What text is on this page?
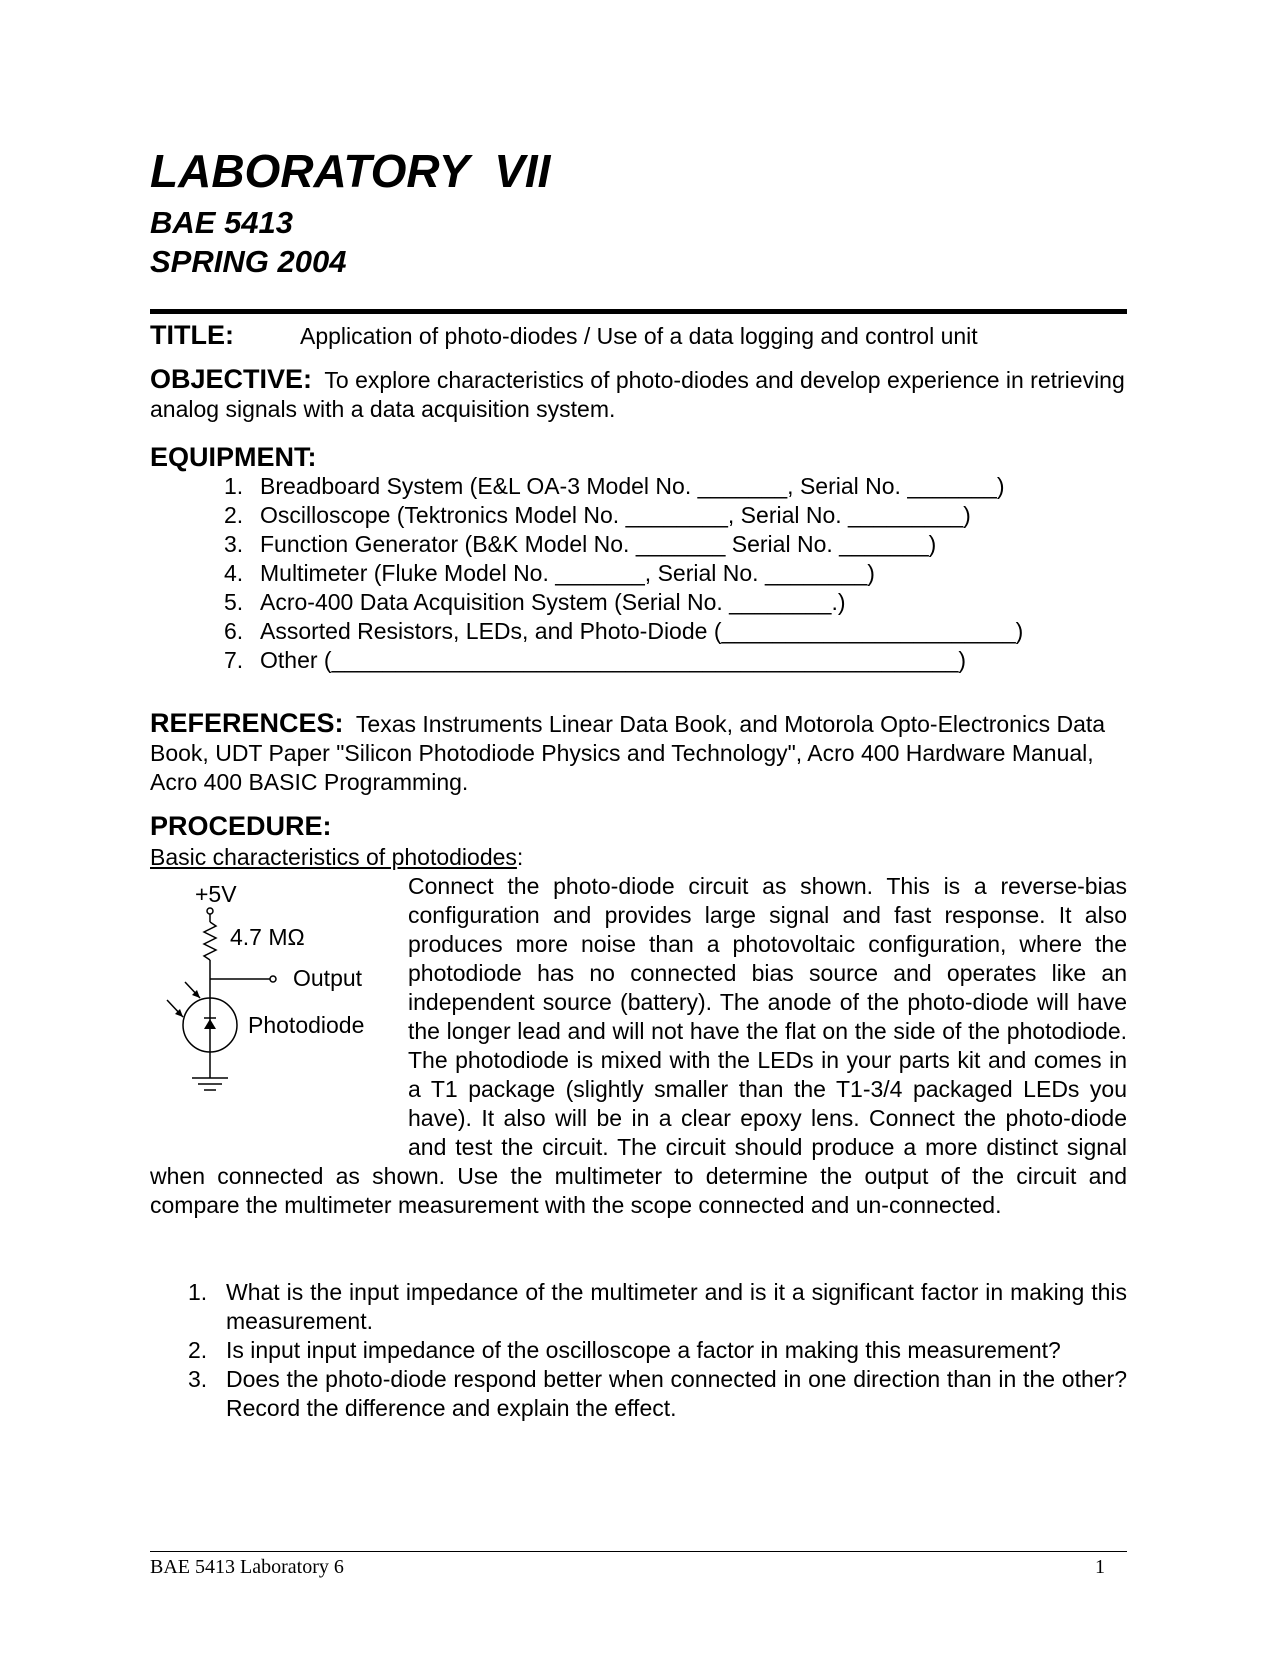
LABORATORY  VII
BAE 5413
SPRING 2004
TITLE:	Application of photo-diodes / Use of a data logging and control unit
OBJECTIVE: To explore characteristics of photo-diodes and develop experience in retrieving analog signals with a data acquisition system.
EQUIPMENT:
1. Breadboard System (E&L OA-3 Model No. _______, Serial No. _______)
2. Oscilloscope (Tektronics Model No. ________, Serial No. _________)
3. Function Generator (B&K Model No. _______ Serial No. _______)
4. Multimeter (Fluke Model No. _______, Serial No. ________)
5. Acro-400 Data Acquisition System (Serial No. ________.)
6. Assorted Resistors, LEDs, and Photo-Diode (_______________________)
7. Other (_________________________________________________)
REFERENCES: Texas Instruments Linear Data Book, and Motorola Opto-Electronics Data Book, UDT Paper "Silicon Photodiode Physics and Technology", Acro 400 Hardware Manual, Acro 400 BASIC Programming.
PROCEDURE:
Basic characteristics of photodiodes:
Connect the photo-diode circuit as shown. This is a reverse-bias configuration and provides large signal and fast response. It also produces more noise than a photovoltaic configuration, where the photodiode has no connected bias source and operates like an independent source (battery). The anode of the photo-diode will have the longer lead and will not have the flat on the side of the photodiode. The photodiode is mixed with the LEDs in your parts kit and comes in a T1 package (slightly smaller than the T1-3/4 packaged LEDs you have). It also will be in a clear epoxy lens. Connect the photo-diode and test the circuit. The circuit should produce a more distinct signal when connected as shown. Use the multimeter to determine the output of the circuit and compare the multimeter measurement with the scope connected and un-connected.
+5V
4.7 MΩ
Output
Photodiode
1. What is the input impedance of the multimeter and is it a significant factor in making this measurement.
2. Is input input impedance of the oscilloscope a factor in making this measurement?
3. Does the photo-diode respond better when connected in one direction than in the other? Record the difference and explain the effect.
BAE 5413 Laboratory 6	1
